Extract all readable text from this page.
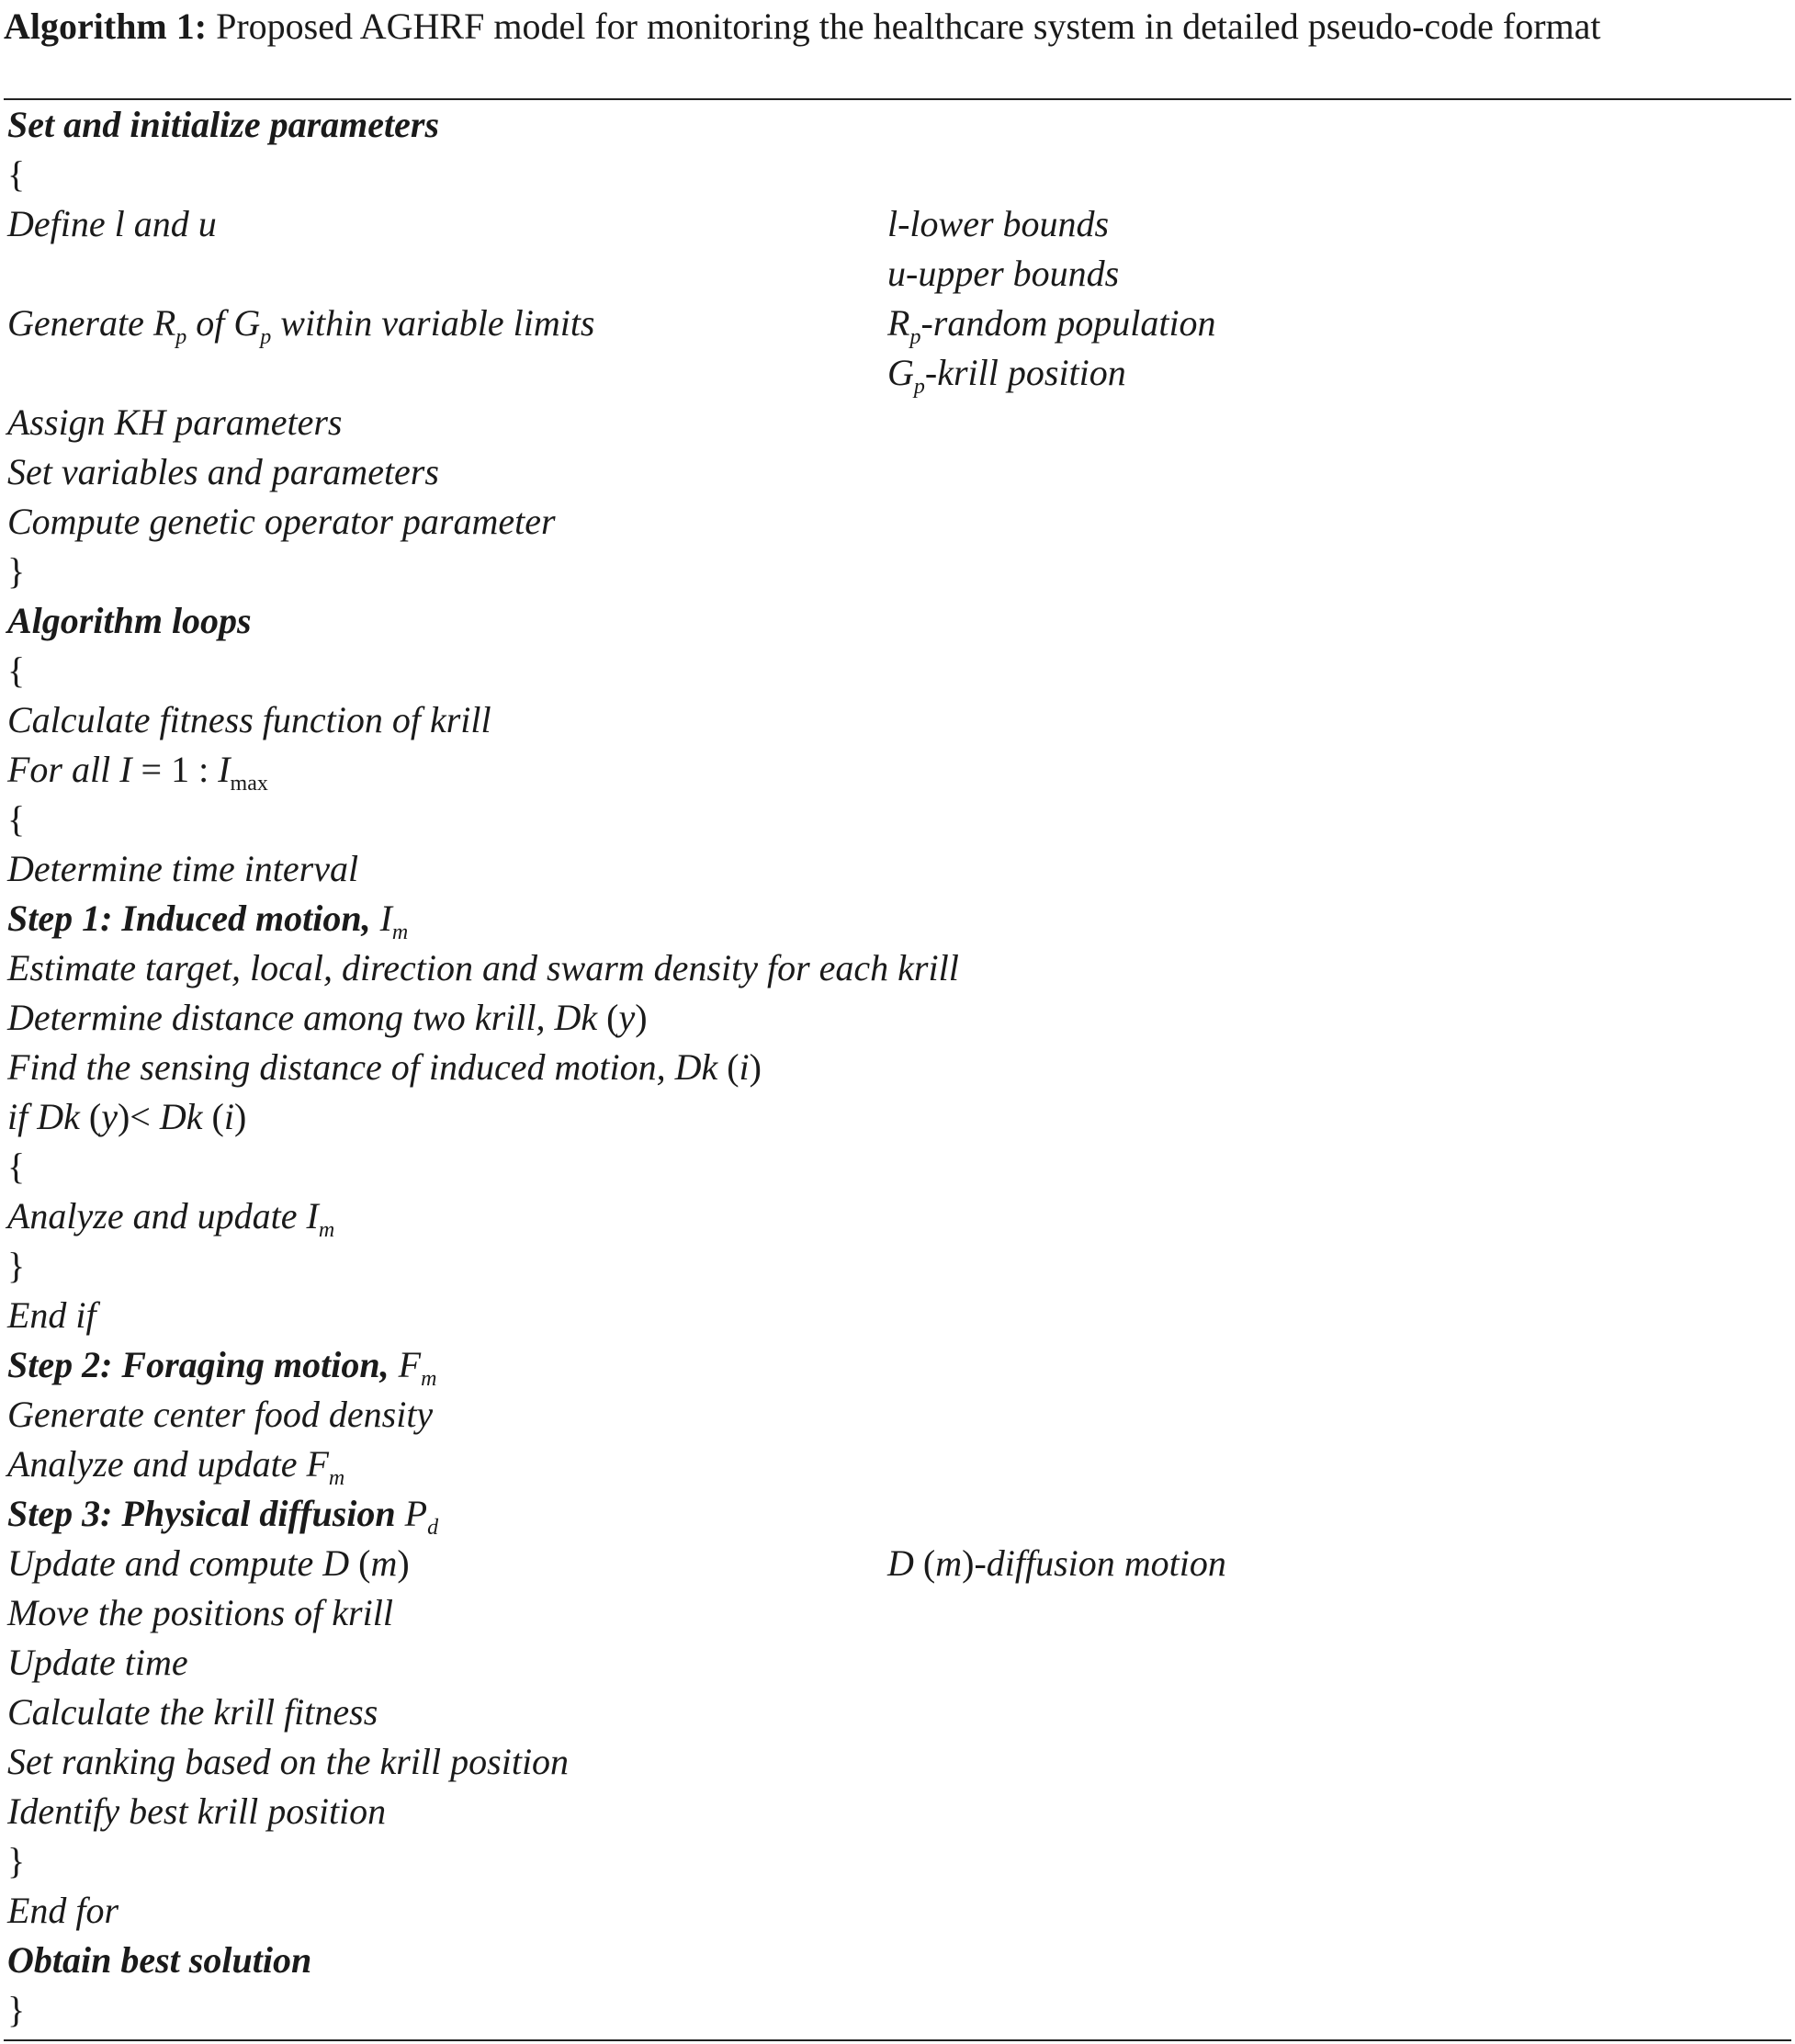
Algorithm 1: Proposed AGHRF model for monitoring the healthcare system in detailed pseudo-code format
Set and initialize parameters
{
Define l and u	l-lower bounds
u-upper bounds
Generate $R_p$ of $G_p$ within variable limits	$R_p$-random population
$G_p$-krill position
Assign KH parameters
Set variables and parameters
Compute genetic operator parameter
}
Algorithm loops
{
Calculate fitness function of krill
For all I = 1 : $I_{max}$
{
Determine time interval
Step 1: Induced motion, $I_m$
Estimate target, local, direction and swarm density for each krill
Determine distance among two krill, Dk (y)
Find the sensing distance of induced motion, Dk (i)
if Dk (y)< Dk (i)
{
Analyze and update $I_m$
}
End if
Step 2: Foraging motion, $F_m$
Generate center food density
Analyze and update $F_m$
Step 3: Physical diffusion $P_d$
Update and compute D (m)	D (m)-diffusion motion
Move the positions of krill
Update time
Calculate the krill fitness
Set ranking based on the krill position
Identify best krill position
}
End for
Obtain best solution
}
